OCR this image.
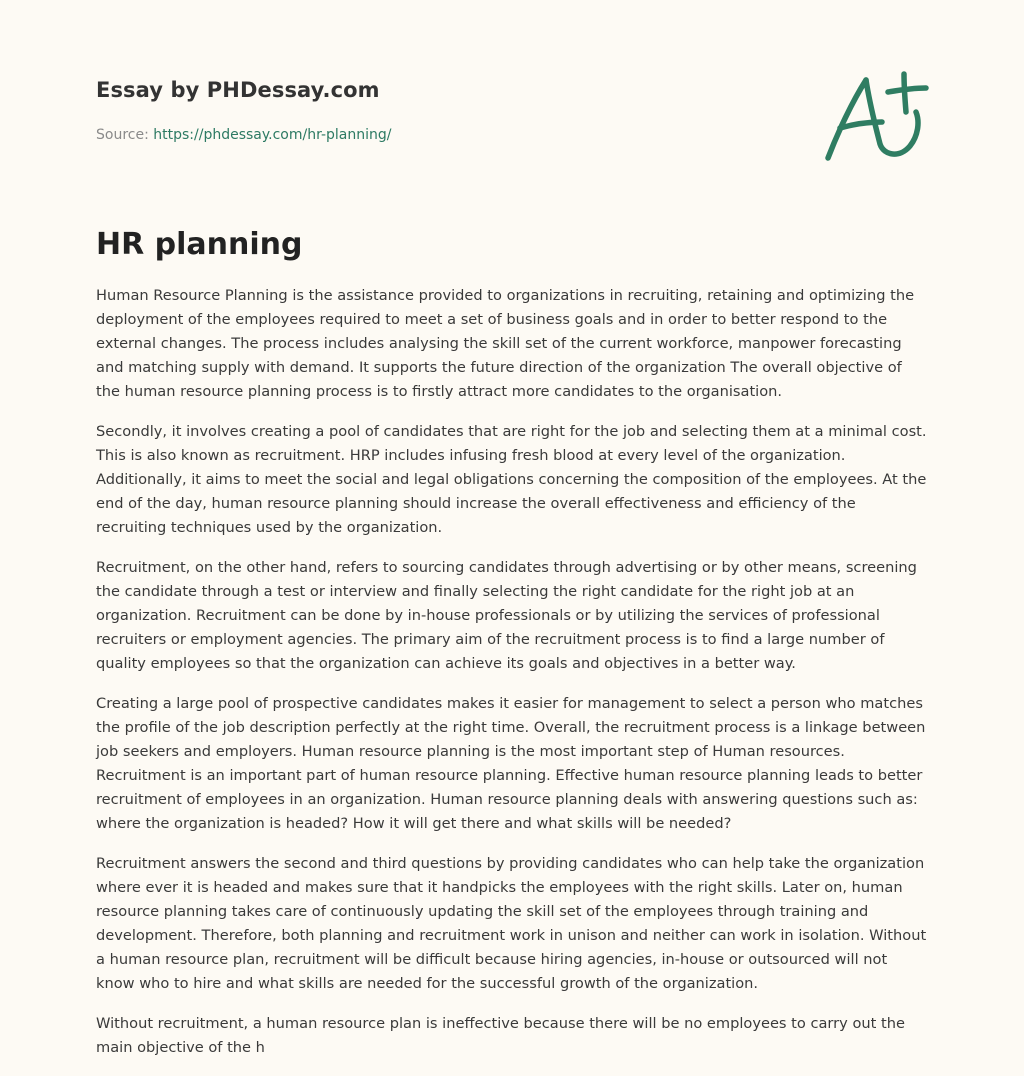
Essay by PHDessay.com
Source: https://phdessay.com/hr-planning/
HR planning

Human Resource Planning is the assistance provided to organizations in recruiting, retaining and optimizing the deployment of the employees required to meet a set of business goals and in order to better respond to the external changes. The process includes analysing the skill set of the current workforce, manpower forecasting and matching supply with demand. It supports the future direction of the organization The overall objective of the human resource planning process is to firstly attract more candidates to the organisation.

Secondly, it involves creating a pool of candidates that are right for the job and selecting them at a minimal cost. This is also known as recruitment. HRP includes infusing fresh blood at every level of the organization. Additionally, it aims to meet the social and legal obligations concerning the composition of the employees. At the end of the day, human resource planning should increase the overall effectiveness and efficiency of the recruiting techniques used by the organization.

Recruitment, on the other hand, refers to sourcing candidates through advertising or by other means, screening the candidate through a test or interview and finally selecting the right candidate for the right job at an organization. Recruitment can be done by in-house professionals or by utilizing the services of professional recruiters or employment agencies. The primary aim of the recruitment process is to find a large number of quality employees so that the organization can achieve its goals and objectives in a better way.

Creating a large pool of prospective candidates makes it easier for management to select a person who matches the profile of the job description perfectly at the right time. Overall, the recruitment process is a linkage between job seekers and employers. Human resource planning is the most important step of Human resources. Recruitment is an important part of human resource planning. Effective human resource planning leads to better recruitment of employees in an organization. Human resource planning deals with answering questions such as: where the organization is headed? How it will get there and what skills will be needed?

Recruitment answers the second and third questions by providing candidates who can help take the organization where ever it is headed and makes sure that it handpicks the employees with the right skills. Later on, human resource planning takes care of continuously updating the skill set of the employees through training and development. Therefore, both planning and recruitment work in unison and neither can work in isolation. Without a human resource plan, recruitment will be difficult because hiring agencies, in-house or outsourced will not know who to hire and what skills are needed for the successful growth of the organization.

Without recruitment, a human resource plan is ineffective because there will be no employees to carry out the main objective of the h
